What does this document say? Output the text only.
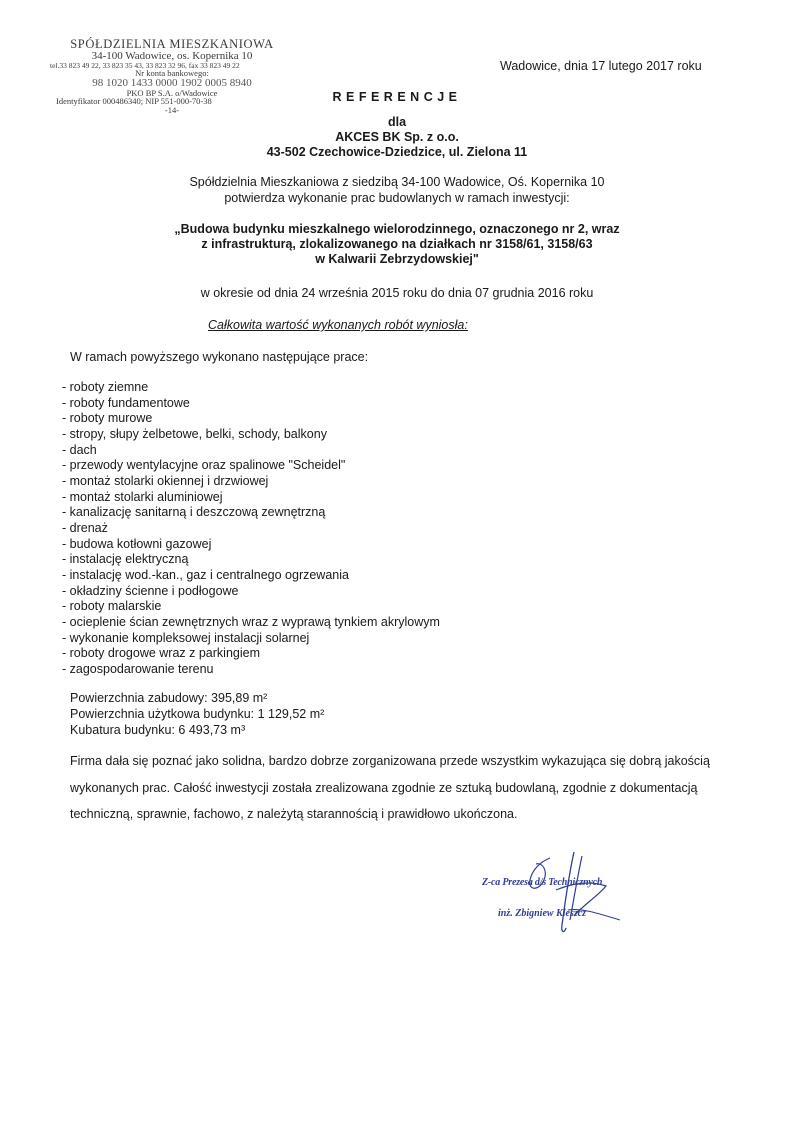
SPÓŁDZIELNIA MIESZKANIOWA
34-100 Wadowice, os. Kopernika 10
tel.33 823 49 22, 33 823 35 43, 33 823 32 96, fax 33 823 49 22
Nr konta bankowego:
98 1020 1433 0000 1902 0005 8940
PKO BP S.A. o/Wadowice
Identyfikator 000486340; NIP 551-000-70-38
-14-
Wadowice, dnia 17 lutego 2017 roku
REFERENCJE
dla
AKCES BK Sp. z o.o.
43-502 Czechowice-Dziedzice, ul. Zielona 11
Spółdzielnia Mieszkaniowa z siedzibą 34-100 Wadowice, Oś. Kopernika 10
potwierdza wykonanie prac budowlanych w ramach inwestycji:
„Budowa budynku mieszkalnego wielorodzinnego, oznaczonego nr 2, wraz
z infrastrukturą, zlokalizowanego na działkach nr 3158/61, 3158/63
w Kalwarii Zebrzydowskiej"
w okresie od dnia 24 września 2015 roku do dnia 07 grudnia 2016 roku
Całkowita wartość wykonanych robót wyniosła:
W ramach powyższego wykonano następujące prace:
- roboty ziemne
- roboty fundamentowe
- roboty murowe
- stropy, słupy żelbetowe, belki, schody, balkony
- dach
- przewody wentylacyjne oraz spalinowe "Scheidel"
- montaż stolarki okiennej i drzwiowej
- montaż stolarki aluminiowej
- kanalizację sanitarną i deszczową zewnętrzną
- drenaż
- budowa kotłowni gazowej
- instalację elektryczną
- instalację wod.-kan., gaz i centralnego ogrzewania
- okładziny ścienne i podłogowe
- roboty malarskie
- ocieplenie ścian zewnętrznych wraz z wyprawą tynkiem akrylowym
- wykonanie kompleksowej instalacji solarnej
- roboty drogowe wraz z parkingiem
- zagospodarowanie terenu
Powierzchnia zabudowy: 395,89 m²
Powierzchnia użytkowa budynku: 1 129,52 m²
Kubatura budynku: 6 493,73 m³

Firma dała się poznać jako solidna, bardzo dobrze zorganizowana przede wszystkim wykazująca się dobrą jakością wykonanych prac. Całość inwestycji została zrealizowana zgodnie ze sztuką budowlaną, zgodnie z dokumentacją techniczną, sprawnie, fachowo, z należytą starannością i prawidłowo ukończona.

Z-ca Prezesa d/s Technicznych
inż. Zbigniew Kleszcz
